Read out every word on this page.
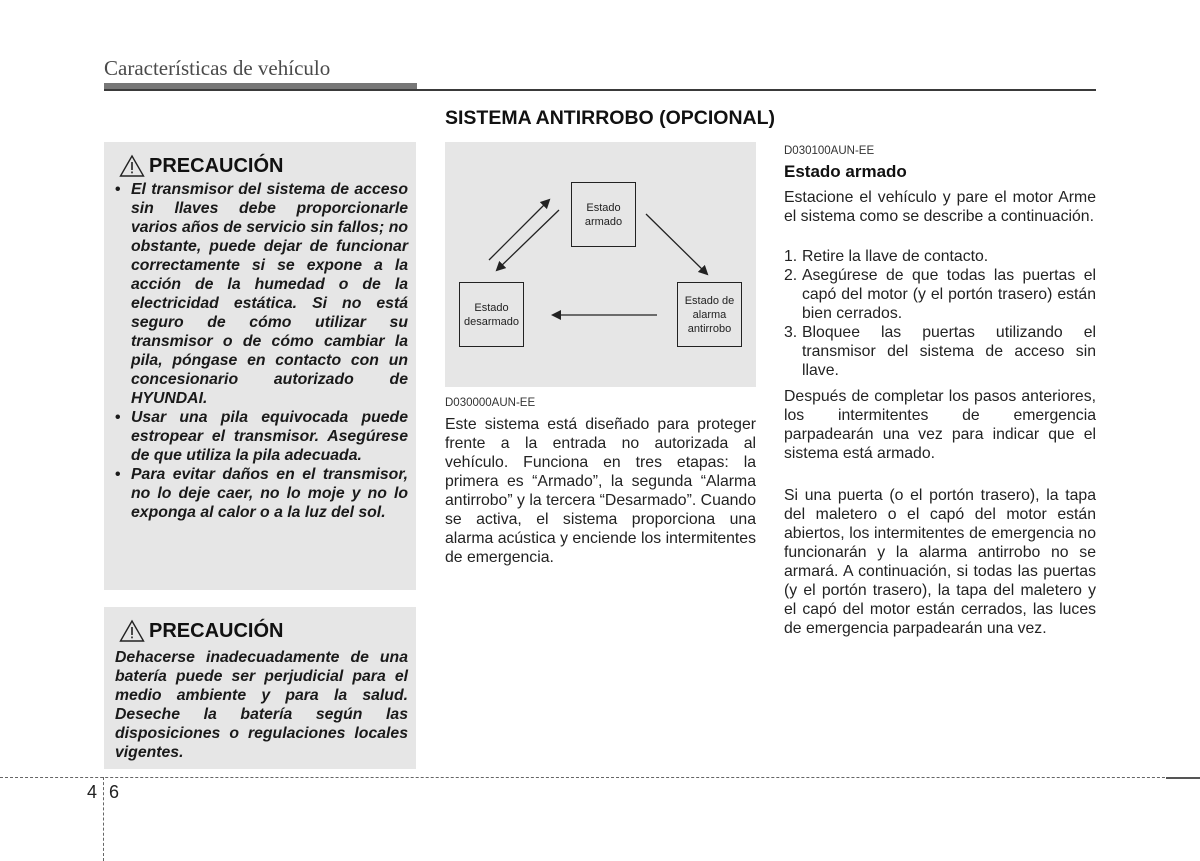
Características de vehículo
SISTEMA ANTIRROBO (OPCIONAL)
PRECAUCIÓN
• El transmisor del sistema de acceso sin llaves debe proporcionarle varios años de servicio sin fallos; no obstante, puede dejar de funcionar correctamente si se expone a la acción de la humedad o de la electricidad estática. Si no está seguro de cómo utilizar su transmisor o de cómo cambiar la pila, póngase en contacto con un concesionario autorizado de HYUNDAI.
• Usar una pila equivocada puede estropear el transmisor. Asegúrese de que utiliza la pila adecuada.
• Para evitar daños en el transmisor, no lo deje caer, no lo moje y no lo exponga al calor o a la luz del sol.
PRECAUCIÓN

Dehacerse inadecuadamente de una batería puede ser perjudicial para el medio ambiente y para la salud. Deseche la batería según las disposiciones o regulaciones locales vigentes.

Estado
armado
Estado
desarmado
Estado de
alarma
antirrobo
D030000AUN-EE

Este sistema está diseñado para proteger frente a la entrada no autorizada al vehículo. Funciona en tres etapas: la primera es “Armado”, la segunda “Alarma antirrobo” y la tercera “Desarmado”. Cuando se activa, el sistema proporciona una alarma acústica y enciende los intermitentes de emergencia.

D030100AUN-EE
Estado armado

Estacione el vehículo y pare el motor Arme el sistema como se describe a continuación.

1. Retire la llave de contacto.
2. Asegúrese de que todas las puertas el capó del motor (y el portón trasero) están bien cerrados.
3. Bloquee las puertas utilizando el transmisor del sistema de acceso sin llave.

Después de completar los pasos anteriores, los intermitentes de emergencia parpadearán una vez para indicar que el sistema está armado.

Si una puerta (o el portón trasero), la tapa del maletero o el capó del motor están abiertos, los intermitentes de emergencia no funcionarán y la alarma antirrobo no se armará. A continuación, si todas las puertas (y el portón trasero), la tapa del maletero y el capó del motor están cerrados, las luces de emergencia parpadearán una vez.

4 6
